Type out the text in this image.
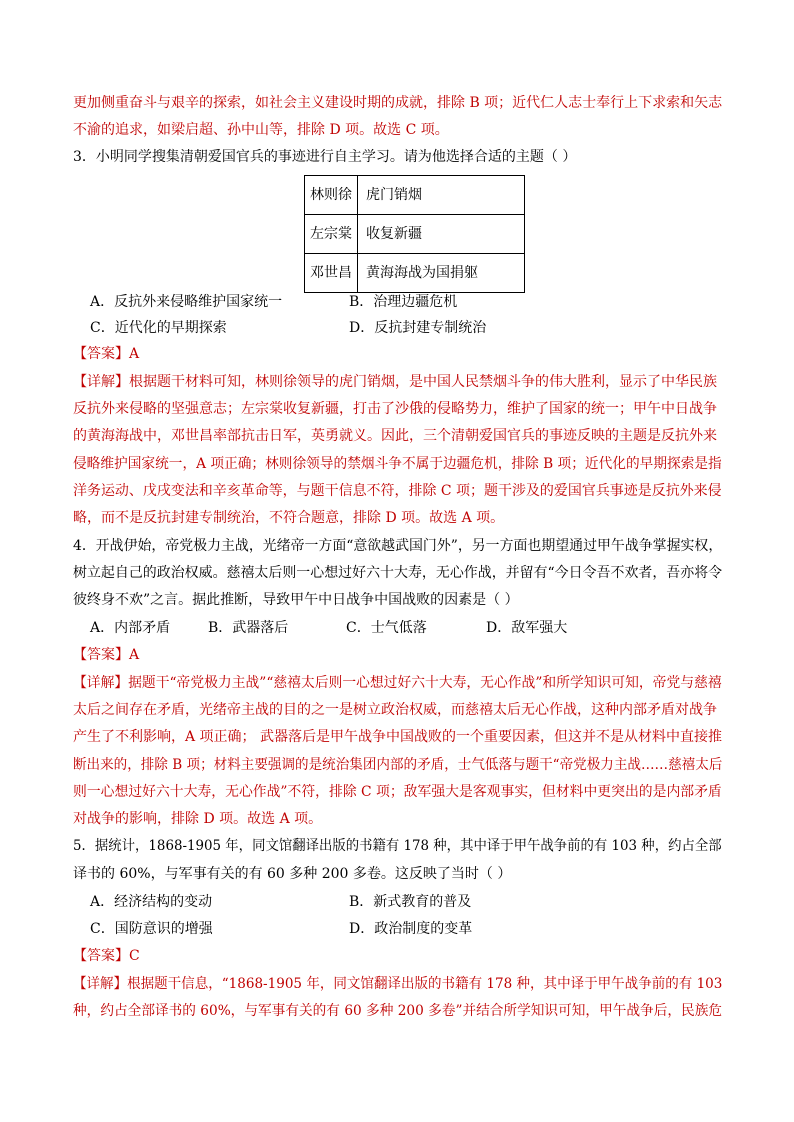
更加侧重奋斗与艰辛的探索，如社会主义建设时期的成就，排除 B 项；近代仁人志士奉行上下求索和矢志
不渝的追求，如梁启超、孙中山等，排除 D 项。故选 C 项。
3．小明同学搜集清朝爱国官兵的事迹进行自主学习。请为他选择合适的主题（ ）
林则徐	虎门销烟
左宗棠	收复新疆
邓世昌	黄海海战为国捐躯
A．反抗外来侵略维护国家统一	B．治理边疆危机
C．近代化的早期探索	D．反抗封建专制统治
【答案】A
【详解】根据题干材料可知，林则徐领导的虎门销烟，是中国人民禁烟斗争的伟大胜利，显示了中华民族
反抗外来侵略的坚强意志；左宗棠收复新疆，打击了沙俄的侵略势力，维护了国家的统一；甲午中日战争
的黄海海战中，邓世昌率部抗击日军，英勇就义。因此，三个清朝爱国官兵的事迹反映的主题是反抗外来
侵略维护国家统一，A 项正确；林则徐领导的禁烟斗争不属于边疆危机，排除 B 项；近代化的早期探索是指
洋务运动、戊戌变法和辛亥革命等，与题干信息不符，排除 C 项；题干涉及的爱国官兵事迹是反抗外来侵
略，而不是反抗封建专制统治，不符合题意，排除 D 项。故选 A 项。
4．开战伊始，帝党极力主战，光绪帝一方面“意欲越武国门外”，另一方面也期望通过甲午战争掌握实权，
树立起自己的政治权威。慈禧太后则一心想过好六十大寿，无心作战，并留有“今日令吾不欢者，吾亦将令
彼终身不欢”之言。据此推断，导致甲午中日战争中国战败的因素是（ ）
A．内部矛盾	B．武器落后	C．士气低落	D．敌军强大
【答案】A
【详解】据题干“帝党极力主战”“慈禧太后则一心想过好六十大寿，无心作战”和所学知识可知，帝党与慈禧
太后之间存在矛盾，光绪帝主战的目的之一是树立政治权威，而慈禧太后无心作战，这种内部矛盾对战争
产生了不利影响，A 项正确； 武器落后是甲午战争中国战败的一个重要因素，但这并不是从材料中直接推
断出来的，排除 B 项；材料主要强调的是统治集团内部的矛盾，士气低落与题干“帝党极力主战……慈禧太后
则一心想过好六十大寿，无心作战”不符，排除 C 项；敌军强大是客观事实，但材料中更突出的是内部矛盾
对战争的影响，排除 D 项。故选 A 项。
5．据统计，1868-1905 年，同文馆翻译出版的书籍有 178 种，其中译于甲午战争前的有 103 种，约占全部
译书的 60%，与军事有关的有 60 多种 200 多卷。这反映了当时（ ）
A．经济结构的变动	B．新式教育的普及
C．国防意识的增强	D．政治制度的变革
【答案】C
【详解】根据题干信息，“1868-1905 年，同文馆翻译出版的书籍有 178 种，其中译于甲午战争前的有 103
种，约占全部译书的 60%，与军事有关的有 60 多种 200 多卷”并结合所学知识可知，甲午战争后，民族危
